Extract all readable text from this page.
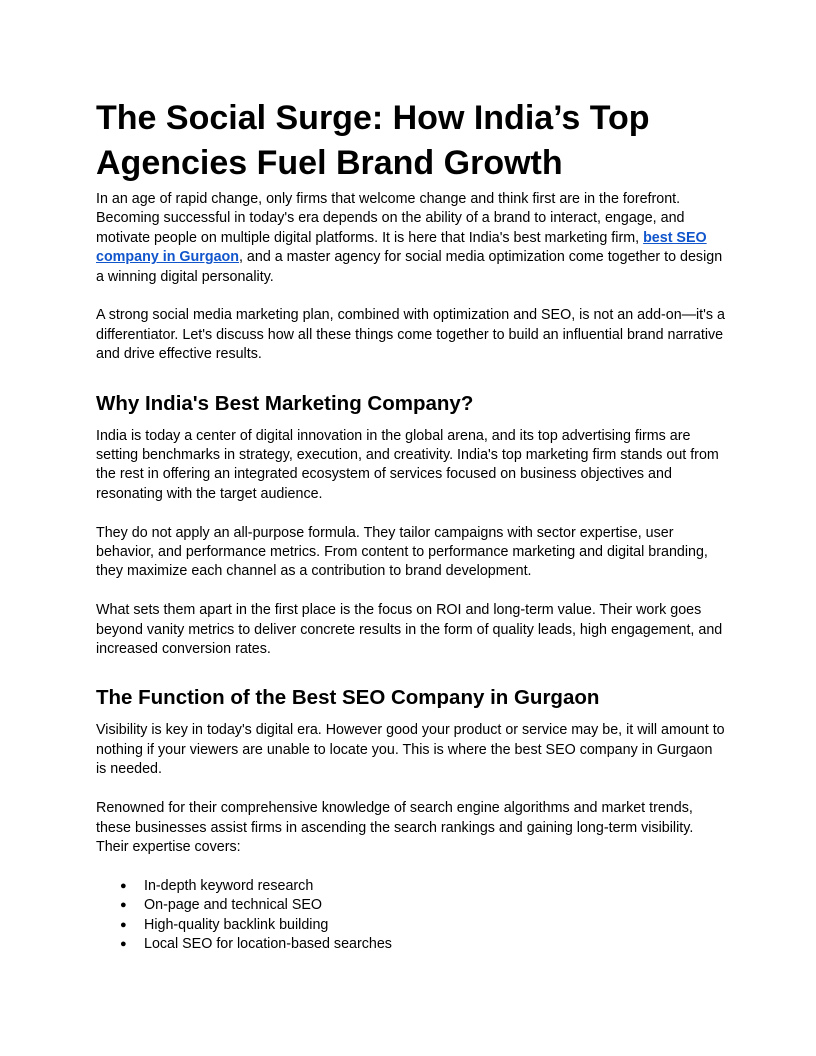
The Social Surge: How India’s Top Agencies Fuel Brand Growth

In an age of rapid change, only firms that welcome change and think first are in the forefront. Becoming successful in today's era depends on the ability of a brand to interact, engage, and motivate people on multiple digital platforms. It is here that India's best marketing firm, best SEO company in Gurgaon, and a master agency for social media optimization come together to design a winning digital personality.

A strong social media marketing plan, combined with optimization and SEO, is not an add-on—it's a differentiator. Let's discuss how all these things come together to build an influential brand narrative and drive effective results.

Why India's Best Marketing Company?

India is today a center of digital innovation in the global arena, and its top advertising firms are setting benchmarks in strategy, execution, and creativity. India's top marketing firm stands out from the rest in offering an integrated ecosystem of services focused on business objectives and resonating with the target audience.

They do not apply an all-purpose formula. They tailor campaigns with sector expertise, user behavior, and performance metrics. From content to performance marketing and digital branding, they maximize each channel as a contribution to brand development.

What sets them apart in the first place is the focus on ROI and long-term value. Their work goes beyond vanity metrics to deliver concrete results in the form of quality leads, high engagement, and increased conversion rates.

The Function of the Best SEO Company in Gurgaon

Visibility is key in today's digital era. However good your product or service may be, it will amount to nothing if your viewers are unable to locate you. This is where the best SEO company in Gurgaon is needed.

Renowned for their comprehensive knowledge of search engine algorithms and market trends, these businesses assist firms in ascending the search rankings and gaining long-term visibility. Their expertise covers:

● In-depth keyword research
● On-page and technical SEO
● High-quality backlink building
● Local SEO for location-based searches
